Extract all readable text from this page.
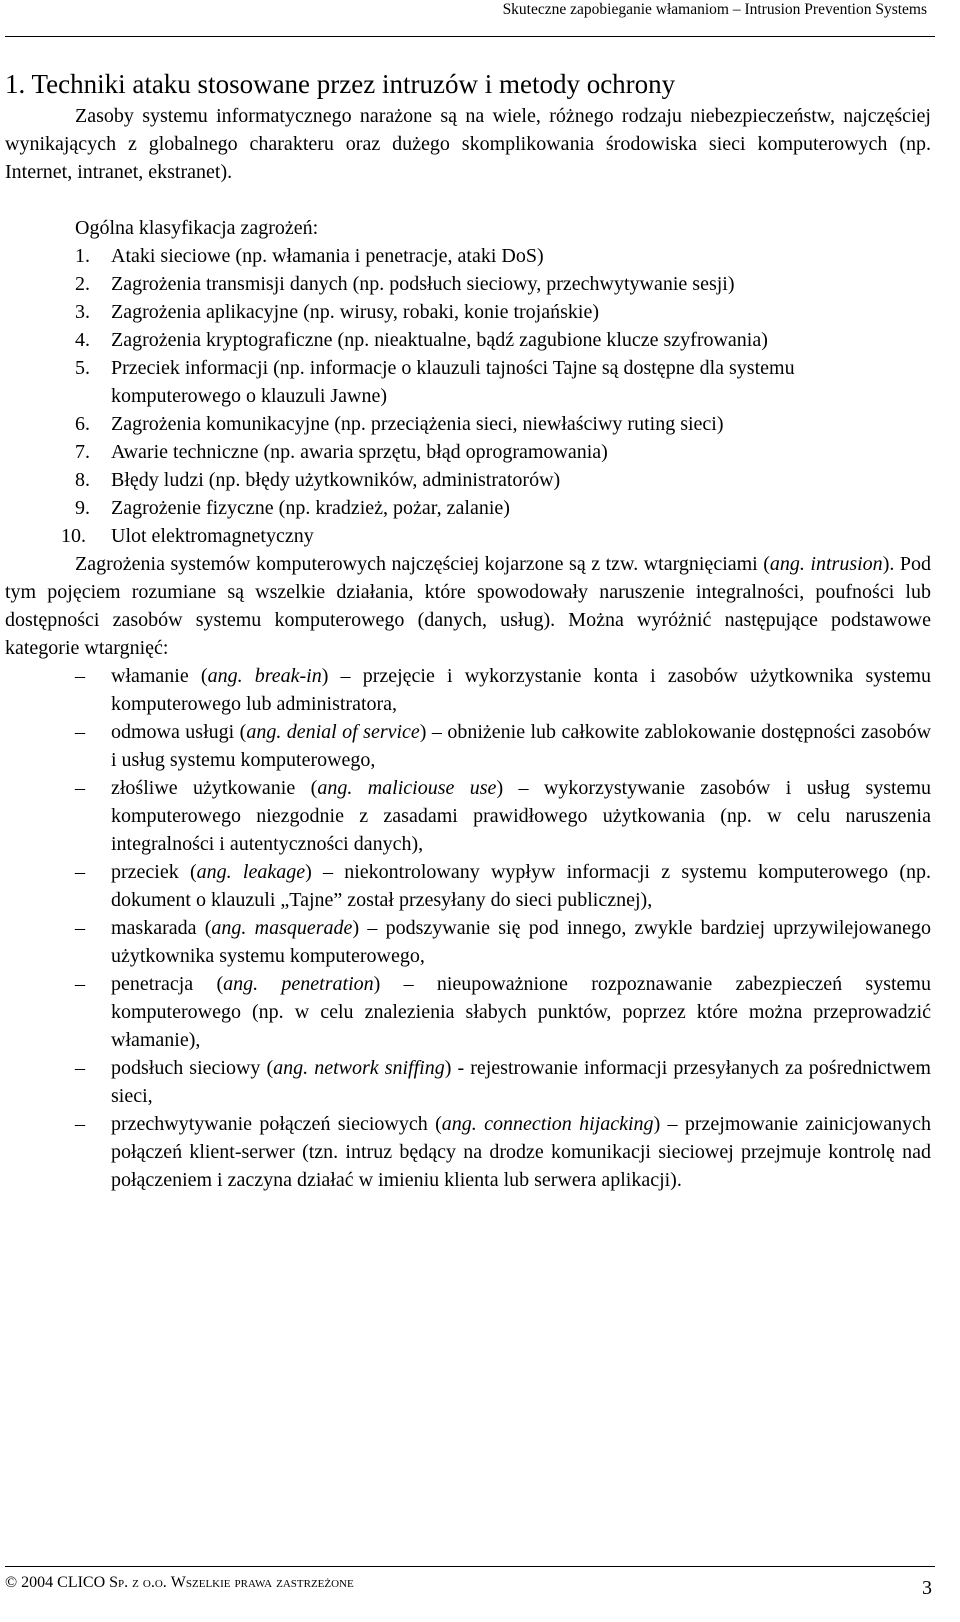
Skuteczne zapobieganie włamaniom – Intrusion Prevention Systems
1. Techniki ataku stosowane przez intruzów i metody ochrony

Zasoby systemu informatycznego narażone są na wiele, różnego rodzaju niebezpieczeństw, najczęściej wynikających z globalnego charakteru oraz dużego skomplikowania środowiska sieci komputerowych (np. Internet, intranet, ekstranet).

Ogólna klasyfikacja zagrożeń:
1.	Ataki sieciowe (np. włamania i penetracje, ataki DoS)
2.	Zagrożenia transmisji danych (np. podsłuch sieciowy, przechwytywanie sesji)
3.	Zagrożenia aplikacyjne (np. wirusy, robaki, konie trojańskie)
4.	Zagrożenia kryptograficzne (np. nieaktualne, bądź zagubione klucze szyfrowania)
5.	Przeciek informacji (np. informacje o klauzuli tajności Tajne są dostępne dla systemu komputerowego o klauzuli Jawne)
6.	Zagrożenia komunikacyjne (np. przeciążenia sieci, niewłaściwy ruting sieci)
7.	Awarie techniczne (np. awaria sprzętu, błąd oprogramowania)
8.	Błędy ludzi (np. błędy użytkowników, administratorów)
9.	Zagrożenie fizyczne (np. kradzież, pożar, zalanie)
10.	Ulot elektromagnetyczny

Zagrożenia systemów komputerowych najczęściej kojarzone są z tzw. wtargnięciami (ang. intrusion). Pod tym pojęciem rozumiane są wszelkie działania, które spowodowały naruszenie integralności, poufności lub dostępności zasobów systemu komputerowego (danych, usług). Można wyróżnić następujące podstawowe kategorie wtargnięć:

– włamanie (ang. break-in) – przejęcie i wykorzystanie konta i zasobów użytkownika systemu komputerowego lub administratora,
– odmowa usługi (ang. denial of service) – obniżenie lub całkowite zablokowanie dostępności zasobów i usług systemu komputerowego,
– złośliwe użytkowanie (ang. maliciouse use) – wykorzystywanie zasobów i usług systemu komputerowego niezgodnie z zasadami prawidłowego użytkowania (np. w celu naruszenia integralności i autentyczności danych),
– przeciek (ang. leakage) – niekontrolowany wypływ informacji z systemu komputerowego (np. dokument o klauzuli „Tajne” został przesyłany do sieci publicznej),
– maskarada (ang. masquerade) – podszywanie się pod innego, zwykle bardziej uprzywilejowanego użytkownika systemu komputerowego,
– penetracja (ang. penetration) – nieupoważnione rozpoznawanie zabezpieczeń systemu komputerowego (np. w celu znalezienia słabych punktów, poprzez które można przeprowadzić włamanie),
– podsłuch sieciowy (ang. network sniffing) - rejestrowanie informacji przesyłanych za pośrednictwem sieci,
– przechwytywanie połączeń sieciowych (ang. connection hijacking) – przejmowanie zainicjowanych połączeń klient-serwer (tzn. intruz będący na drodze komunikacji sieciowej przejmuje kontrolę nad połączeniem i zaczyna działać w imieniu klienta lub serwera aplikacji).
© 2004 CLICO Sp. z o.o. Wszelkie prawa zastrzeżone	3
